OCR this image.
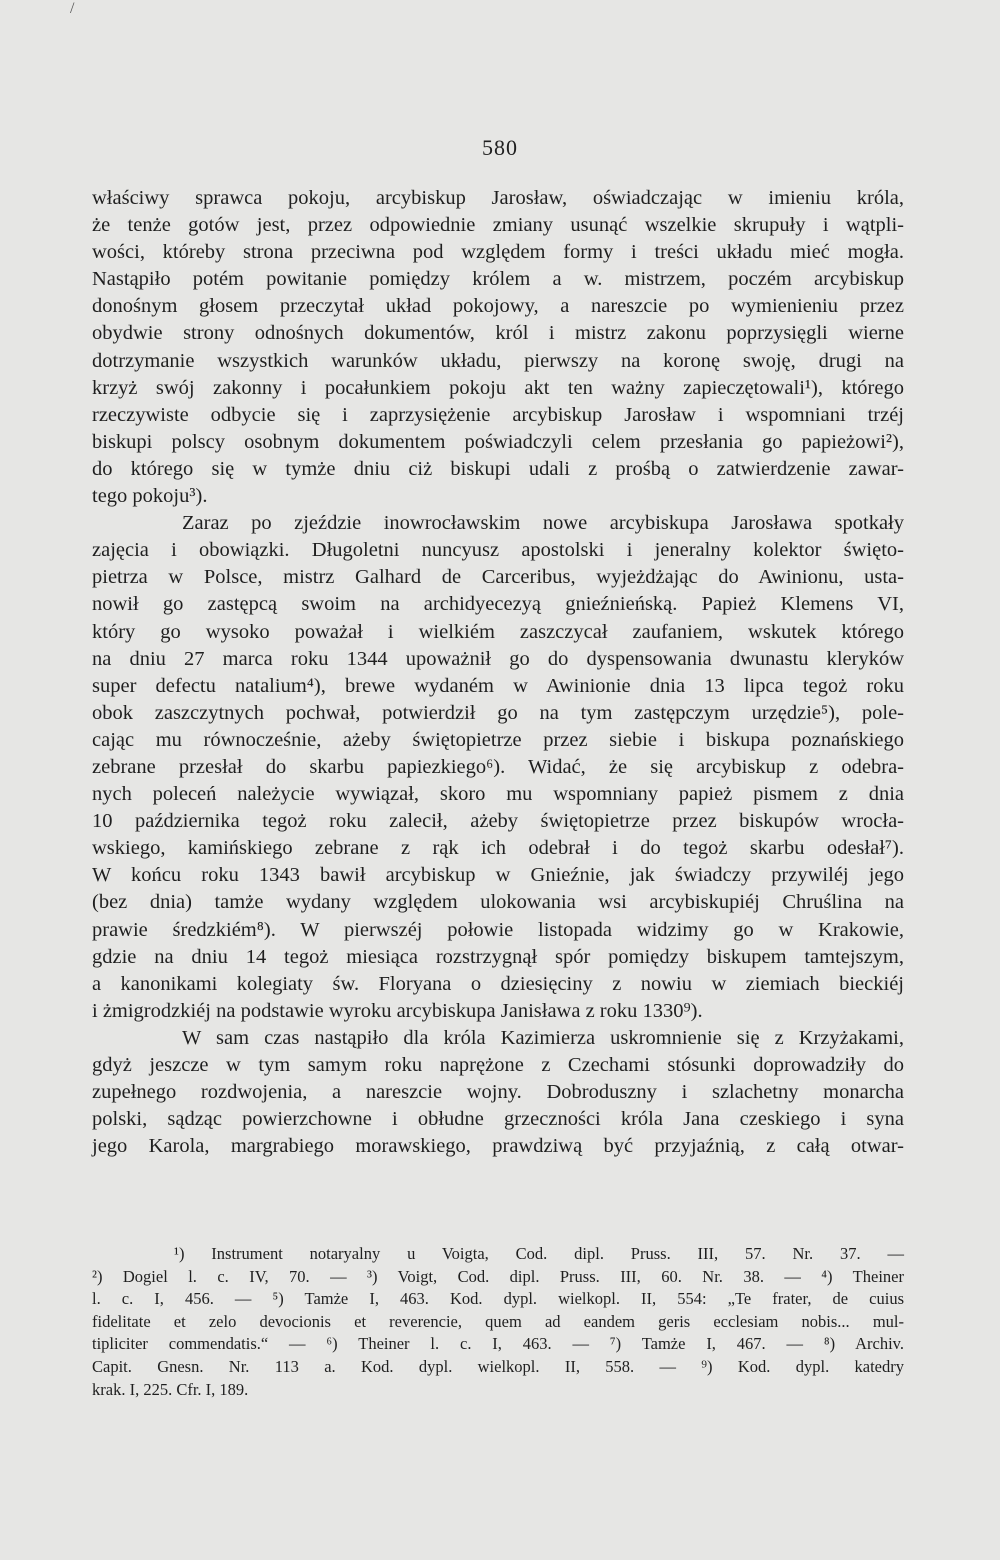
/
580
właściwy sprawca pokoju, arcybiskup Jarosław, oświadczając w imieniu króla,
że tenże gotów jest, przez odpowiednie zmiany usunąć wszelkie skrupuły i wątpli-
wości, któreby strona przeciwna pod względem formy i treści układu mieć mogła.
Nastąpiło potém powitanie pomiędzy królem a w. mistrzem, poczém arcybiskup
donośnym głosem przeczytał układ pokojowy, a nareszcie po wymienieniu przez
obydwie strony odnośnych dokumentów, król i mistrz zakonu poprzysięgli wierne
dotrzymanie wszystkich warunków układu, pierwszy na koronę swoję, drugi na
krzyż swój zakonny i pocałunkiem pokoju akt ten ważny zapieczętowali¹), którego
rzeczywiste odbycie się i zaprzysiężenie arcybiskup Jarosław i wspomniani trzéj
biskupi polscy osobnym dokumentem poświadczyli celem przesłania go papieżowi²),
do którego się w tymże dniu ciż biskupi udali z prośbą o zatwierdzenie zawar-
tego pokoju³).
Zaraz po zjeździe inowrocławskim nowe arcybiskupa Jarosława spotkały
zajęcia i obowiązki. Długoletni nuncyusz apostolski i jeneralny kolektor święto-
pietrza w Polsce, mistrz Galhard de Carceribus, wyjeżdżając do Awinionu, usta-
nowił go zastępcą swoim na archidyecezyą gnieźnieńską. Papież Klemens VI,
który go wysoko poważał i wielkiém zaszczycał zaufaniem, wskutek którego
na dniu 27 marca roku 1344 upoważnił go do dyspensowania dwunastu kleryków
super defectu natalium⁴), brewe wydaném w Awinionie dnia 13 lipca tegoż roku
obok zaszczytnych pochwał, potwierdził go na tym zastępczym urzędzie⁵), pole-
cając mu równocześnie, ażeby świętopietrze przez siebie i biskupa poznańskiego
zebrane przesłał do skarbu papiezkiego⁶). Widać, że się arcybiskup z odebra-
nych poleceń należycie wywiązał, skoro mu wspomniany papież pismem z dnia
10 października tegoż roku zalecił, ażeby świętopietrze przez biskupów wrocła-
wskiego, kamińskiego zebrane z rąk ich odebrał i do tegoż skarbu odesłał⁷).
W końcu roku 1343 bawił arcybiskup w Gnieźnie, jak świadczy przywiléj jego
(bez dnia) tamże wydany względem ulokowania wsi arcybiskupiéj Chruślina na
prawie średzkiém⁸). W pierwszéj połowie listopada widzimy go w Krakowie,
gdzie na dniu 14 tegoż miesiąca rozstrzygnął spór pomiędzy biskupem tamtejszym,
a kanonikami kolegiaty św. Floryana o dziesięciny z nowiu w ziemiach bieckiéj
i żmigrodzkiéj na podstawie wyroku arcybiskupa Janisława z roku 1330⁹).
W sam czas nastąpiło dla króla Kazimierza uskromnienie się z Krzyżakami,
gdyż jeszcze w tym samym roku naprężone z Czechami stósunki doprowadziły do
zupełnego rozdwojenia, a nareszcie wojny. Dobroduszny i szlachetny monarcha
polski, sądząc powierzchowne i obłudne grzeczności króla Jana czeskiego i syna
jego Karola, margrabiego morawskiego, prawdziwą być przyjaźnią, z całą otwar-
¹) Instrument notaryalny u Voigta, Cod. dipl. Pruss. III, 57. Nr. 37. —
²) Dogiel l. c. IV, 70. — ³) Voigt, Cod. dipl. Pruss. III, 60. Nr. 38. — ⁴) Theiner
l. c. I, 456. — ⁵) Tamże I, 463. Kod. dypl. wielkopl. II, 554: „Te frater, de cuius
fidelitate et zelo devocionis et reverencie, quem ad eandem geris ecclesiam nobis... mul-
tipliciter commendatis.“ — ⁶) Theiner l. c. I, 463. — ⁷) Tamże I, 467. — ⁸) Archiv.
Capit. Gnesn. Nr. 113 a. Kod. dypl. wielkopl. II, 558. — ⁹) Kod. dypl. katedry
krak. I, 225. Cfr. I, 189.
